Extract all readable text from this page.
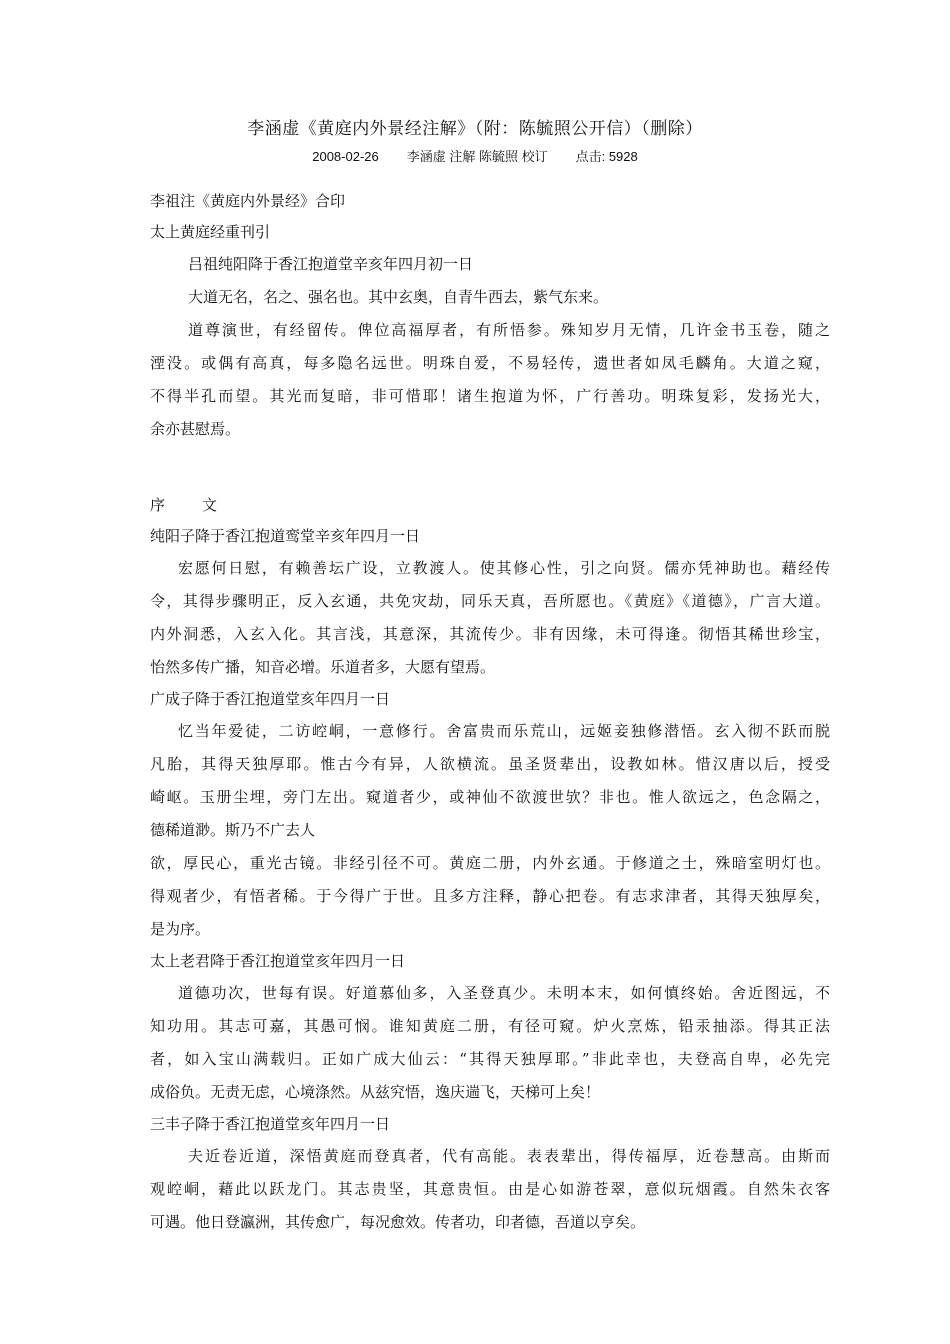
李涵虚《黄庭内外景经注解》（附：陈毓照公开信）（删除）
2008-02-26 李涵虚 注解 陈毓照 校订 点击: 5928
李祖注《黄庭内外景经》合印
太上黄庭经重刊引
吕祖纯阳降于香江抱道堂辛亥年四月初一日
大道无名，名之、强名也。其中玄奥，自青牛西去，紫气东来。
道尊演世，有经留传。俾位高福厚者，有所悟参。殊知岁月无情，几许金书玉卷，随之
湮没。或偶有高真，每多隐名远世。明珠自爱，不易轻传，遗世者如凤毛麟角。大道之窥，
不得半孔而望。其光而复暗，非可惜耶！诸生抱道为怀，广行善功。明珠复彩，发扬光大，
余亦甚慰焉。
序 文
纯阳子降于香江抱道鸾堂辛亥年四月一日
宏愿何日慰，有赖善坛广设，立教渡人。使其修心性，引之向贤。儒亦凭神助也。藉经传
令，其得步骤明正，反入玄通，共免灾劫，同乐天真，吾所愿也。《黄庭》《道德》，广言大道。
内外洞悉，入玄入化。其言浅，其意深，其流传少。非有因缘，未可得逢。彻悟其稀世珍宝，
怡然多传广播，知音必增。乐道者多，大愿有望焉。
广成子降于香江抱道堂亥年四月一日
忆当年爱徒，二访崆峒，一意修行。舍富贵而乐荒山，远姬妾独修潜悟。玄入彻不跃而脱
凡胎，其得天独厚耶。惟古今有异，人欲横流。虽圣贤辈出，设教如林。惜汉唐以后，授受
崎岖。玉册尘埋，旁门左出。窥道者少，或神仙不欲渡世欤？非也。惟人欲远之，色念隔之，
德稀道渺。斯乃不广去人
欲，厚民心，重光古镜。非经引径不可。黄庭二册，内外玄通。于修道之士，殊暗室明灯也。
得观者少，有悟者稀。于今得广于世。且多方注释，静心把卷。有志求津者，其得天独厚矣，
是为序。
太上老君降于香江抱道堂亥年四月一日
道德功次，世每有误。好道慕仙多，入圣登真少。未明本末，如何慎终始。舍近图远，不
知功用。其志可嘉，其愚可悯。谁知黄庭二册，有径可窥。炉火烹炼，铅汞抽添。得其正法
者，如入宝山满载归。正如广成大仙云：“其得天独厚耶。”非此幸也，夫登高自卑，必先完
成俗负。无责无虑，心境涤然。从兹究悟，逸庆遄飞，天梯可上矣！
三丰子降于香江抱道堂亥年四月一日
夫近卷近道，深悟黄庭而登真者，代有高能。表表辈出，得传福厚，近卷慧高。由斯而
观崆峒，藉此以跃龙门。其志贵坚，其意贵恒。由是心如游苍翠，意似玩烟霞。自然朱衣客
可遇。他日登瀛洲，其传愈广，每况愈效。传者功，印者德，吾道以亨矣。
